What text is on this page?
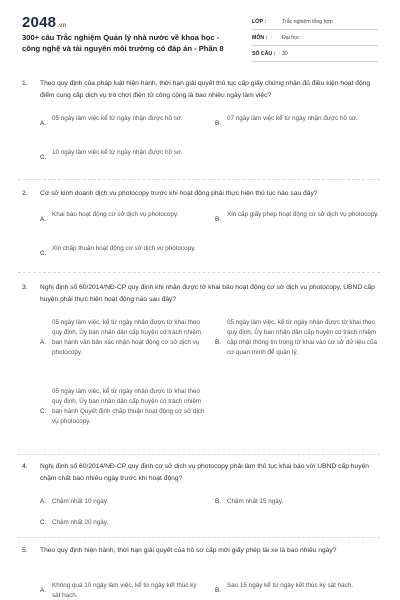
2048.vn
300+ câu Trắc nghiệm Quản lý nhà nước về khoa học - công nghệ và tài nguyên môi trường có đáp án - Phần 8
LỚP :	Trắc nghiệm tổng hợp
MÔN :	Đại học
SỐ CÂU :	30
1.	Theo quy định của pháp luật hiện hành, thời hạn giải quyết thủ tục cấp giấy chứng nhận đủ điều kiện hoạt động điểm cung cấp dịch vụ trò chơi điện tử công cộng là bao nhiêu ngày làm việc?
A.
05 ngày làm việc kể từ ngày nhận được hồ sơ.
B.
07 ngày làm việc kể từ ngày nhận được hồ sơ.
C.
10 ngày làm việc kể từ ngày nhận được hồ sơ.
2.	Cơ sở kinh doanh dịch vụ photocopy trước khi hoạt động phải thực hiện thủ tục nào sau đây?
A.
Khai báo hoạt động cơ sở dịch vụ photocopy.
B.
Xin cấp giấy phép hoạt động cơ sở dịch vụ photocopy.
C.
Xin chấp thuận hoạt động cơ sở dịch vụ photocopy.
3.	Nghị định số 60/2014/NĐ-CP quy định khi nhận được tờ khai báo hoạt động cơ sở dịch vụ photocopy, UBND cấp huyện phải thực hiện hoạt động nào sau đây?
A.
05 ngày làm việc, kể từ ngày nhận được tờ khai theo quy định, Ủy ban nhân dân cấp huyện có trách nhiệm ban hành văn bản xác nhận hoạt động cơ sở dịch vụ photocopy.
B.
05 ngày làm việc, kể từ ngày nhận được tờ khai theo quy định, Ủy ban nhân dân cấp huyện có trách nhiệm cập nhật thông tin trong tờ khai vào cơ sở dữ liệu của cơ quan mình để quản lý.
C.
05 ngày làm việc, kể từ ngày nhận được tờ khai theo quy định, Ủy ban nhân dân cấp huyện có trách nhiệm ban hành Quyết định chấp thuận hoạt động cơ sở dịch vụ photocopy.
4.	Nghị định số 60/2014/NĐ-CP quy định cơ sở dịch vụ photocopy phải làm thủ tục khai báo với UBND cấp huyện chậm chất bao nhiêu ngày trước khi hoạt động?
A. Chậm nhất 10 ngày.	B. Chậm nhất 15 ngày.
C. Chậm nhất 20 ngày.
5.	Theo quy định hiện hành, thời hạn giải quyết của hồ sơ cấp mới giấy phép lái xe là bao nhiêu ngày?
A.
Không quá 10 ngày làm việc, kể từ ngày kết thúc kỳ sát hạch.
B.
Sau 15 ngày kể từ ngày kết thúc kỳ sát hạch.
